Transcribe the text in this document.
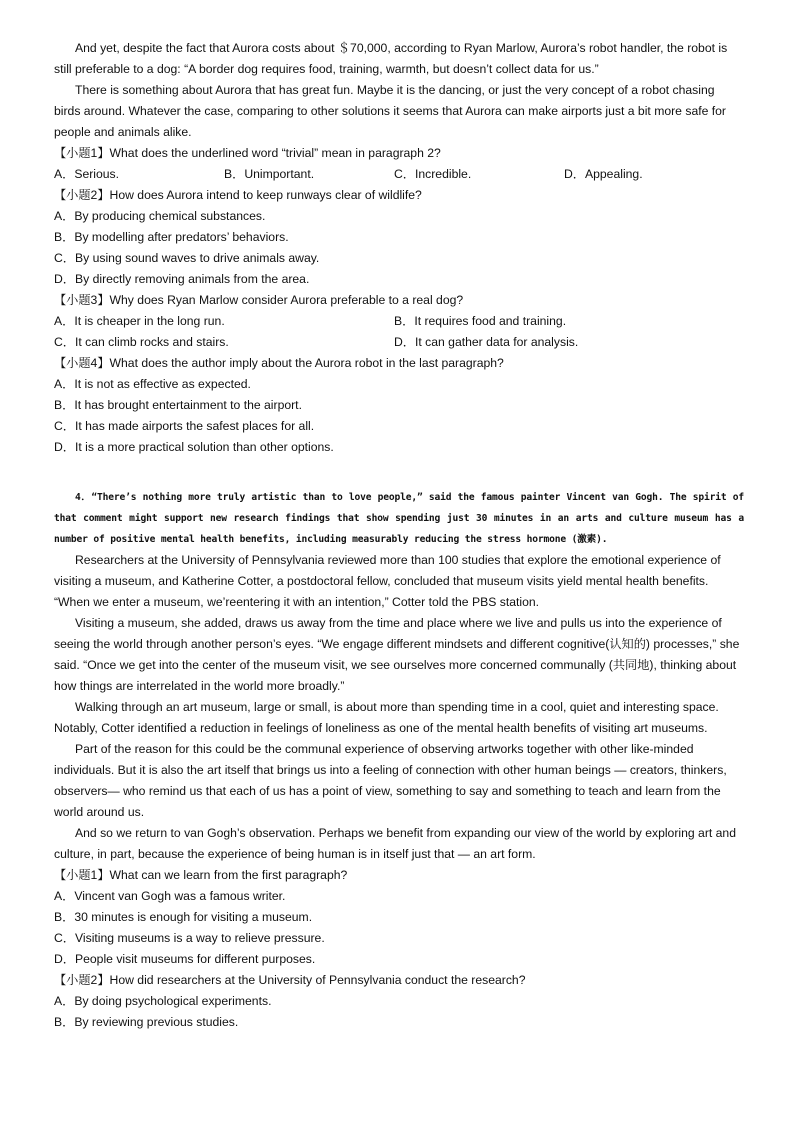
And yet, despite the fact that Aurora costs about ＄70,000, according to Ryan Marlow, Aurora’s robot handler, the robot is still preferable to a dog: “A border dog requires food, training, warmth, but doesn’t collect data for us.”

There is something about Aurora that has great fun. Maybe it is the dancing, or just the very concept of a robot chasing birds around. Whatever the case, comparing to other solutions it seems that Aurora can make airports just a bit more safe for people and animals alike.

【小题1】What does the underlined word “trivial” mean in paragraph 2?
A．Serious.	B．Unimportant.	C．Incredible.	D．Appealing.
【小题2】How does Aurora intend to keep runways clear of wildlife?
A．By producing chemical substances.
B．By modelling after predators’ behaviors.
C．By using sound waves to drive animals away.
D．By directly removing animals from the area.
【小题3】Why does Ryan Marlow consider Aurora preferable to a real dog?
A．It is cheaper in the long run.	B．It requires food and training.
C．It can climb rocks and stairs.	D．It can gather data for analysis.
【小题4】What does the author imply about the Aurora robot in the last paragraph?
A．It is not as effective as expected.
B．It has brought entertainment to the airport.
C．It has made airports the safest places for all.
D．It is a more practical solution than other options.

4．“There’s nothing more truly artistic than to love people,” said the famous painter Vincent van Gogh. The spirit of that comment might support new research findings that show spending just 30 minutes in an arts and culture museum has a number of positive mental health benefits, including measurably reducing the stress hormone (激素).

Researchers at the University of Pennsylvania reviewed more than 100 studies that explore the emotional experience of visiting a museum, and Katherine Cotter, a postdoctoral fellow, concluded that museum visits yield mental health benefits. “When we enter a museum, we’reentering it with an intention,” Cotter told the PBS station.

Visiting a museum, she added, draws us away from the time and place where we live and pulls us into the experience of seeing the world through another person’s eyes. “We engage different mindsets and different cognitive(认知的) processes,” she said. “Once we get into the center of the museum visit, we see ourselves more concerned communally (共同地), thinking about how things are interrelated in the world more broadly.”

Walking through an art museum, large or small, is about more than spending time in a cool, quiet and interesting space. Notably, Cotter identified a reduction in feelings of loneliness as one of the mental health benefits of visiting art museums.

Part of the reason for this could be the communal experience of observing artworks together with other like-minded individuals. But it is also the art itself that brings us into a feeling of connection with other human beings — creators, thinkers, observers— who remind us that each of us has a point of view, something to say and something to teach and learn from the world around us.

And so we return to van Gogh’s observation. Perhaps we benefit from expanding our view of the world by exploring art and culture, in part, because the experience of being human is in itself just that — an art form.

【小题1】What can we learn from the first paragraph?
A．Vincent van Gogh was a famous writer.
B．30 minutes is enough for visiting a museum.
C．Visiting museums is a way to relieve pressure.
D．People visit museums for different purposes.
【小题2】How did researchers at the University of Pennsylvania conduct the research?
A．By doing psychological experiments.
B．By reviewing previous studies.
